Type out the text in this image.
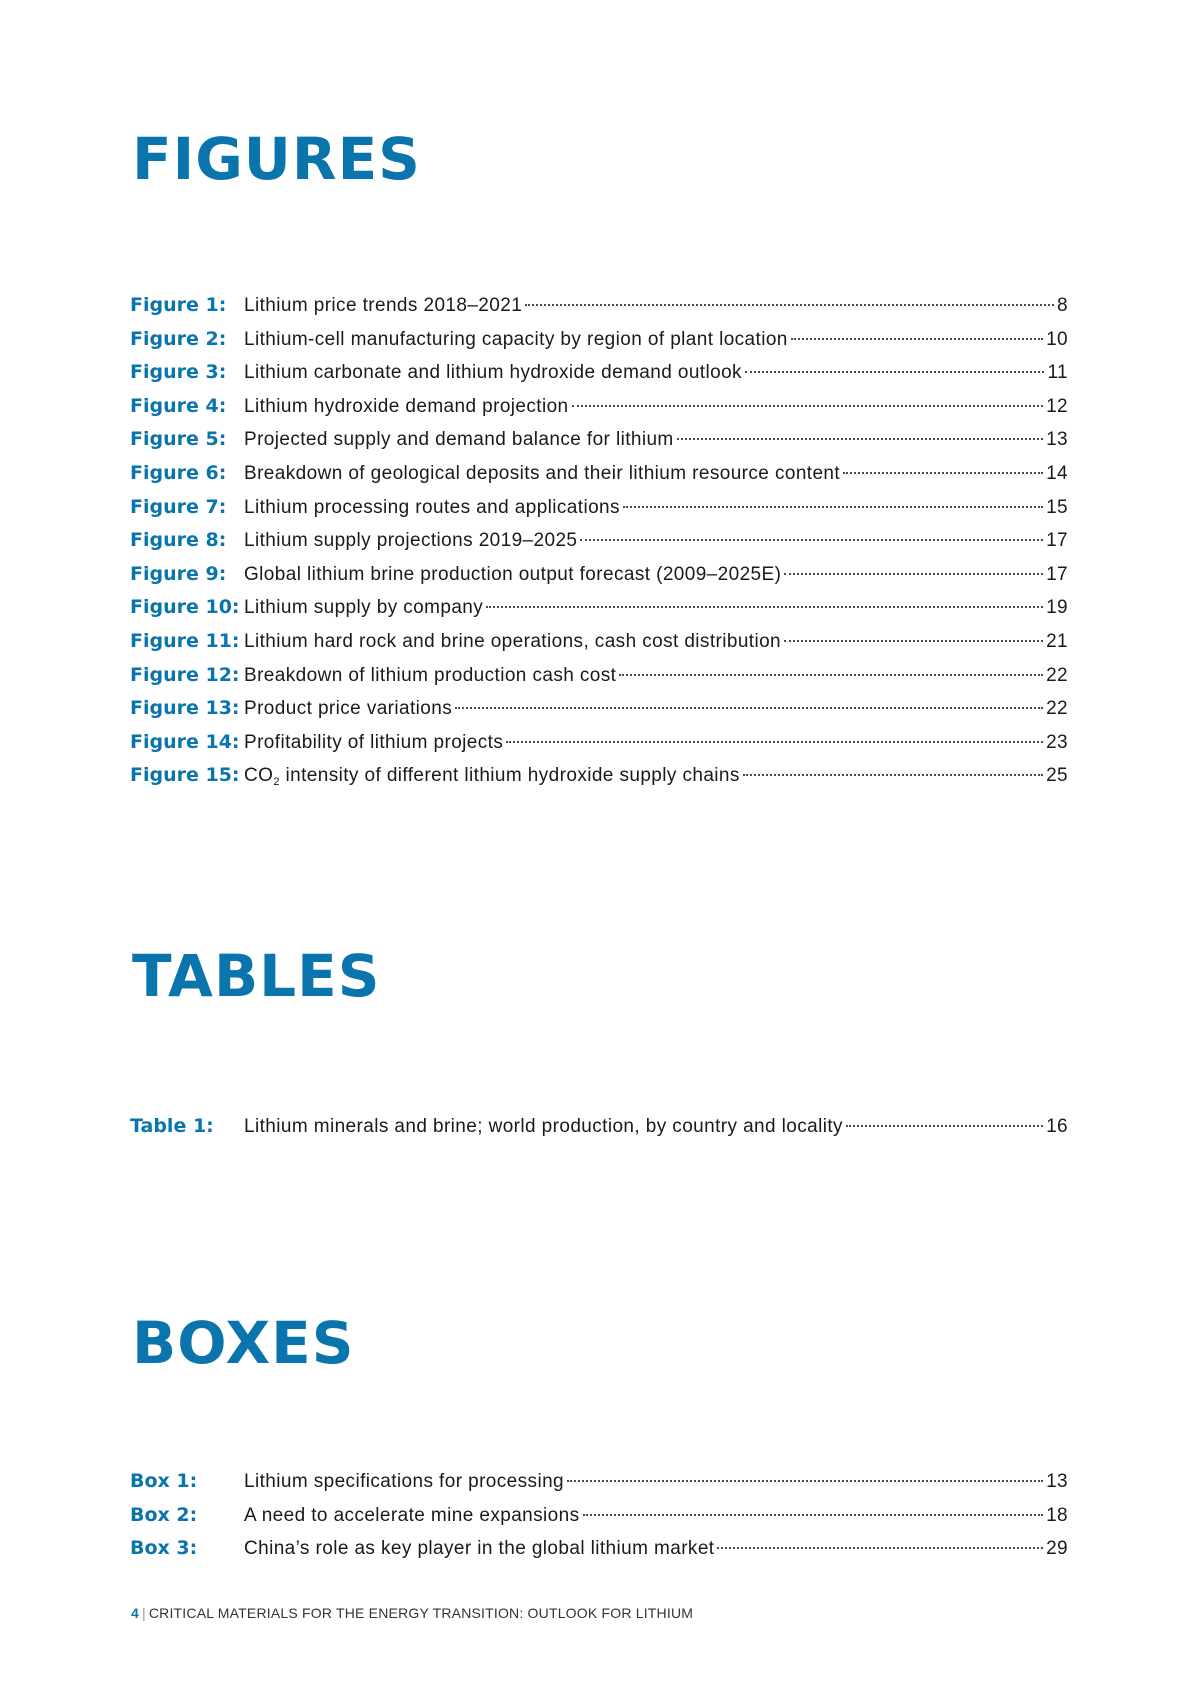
FIGURES
Figure 1: Lithium price trends 2018–2021	8
Figure 2: Lithium-cell manufacturing capacity by region of plant location	10
Figure 3: Lithium carbonate and lithium hydroxide demand outlook	11
Figure 4: Lithium hydroxide demand projection	12
Figure 5: Projected supply and demand balance for lithium	13
Figure 6: Breakdown of geological deposits and their lithium resource content	14
Figure 7: Lithium processing routes and applications	15
Figure 8: Lithium supply projections 2019–2025	17
Figure 9: Global lithium brine production output forecast (2009–2025E)	17
Figure 10: Lithium supply by company	19
Figure 11: Lithium hard rock and brine operations, cash cost distribution	21
Figure 12: Breakdown of lithium production cash cost	22
Figure 13: Product price variations	22
Figure 14: Profitability of lithium projects	23
Figure 15: $CO_2$ intensity of different lithium hydroxide supply chains	25
TABLES
Table 1:	Lithium minerals and brine; world production, by country and locality	16
BOXES
Box 1:	Lithium specifications for processing	13
Box 2:	A need to accelerate mine expansions	18
Box 3:	China’s role as key player in the global lithium market	29
4 | CRITICAL MATERIALS FOR THE ENERGY TRANSITION: OUTLOOK FOR LITHIUM
